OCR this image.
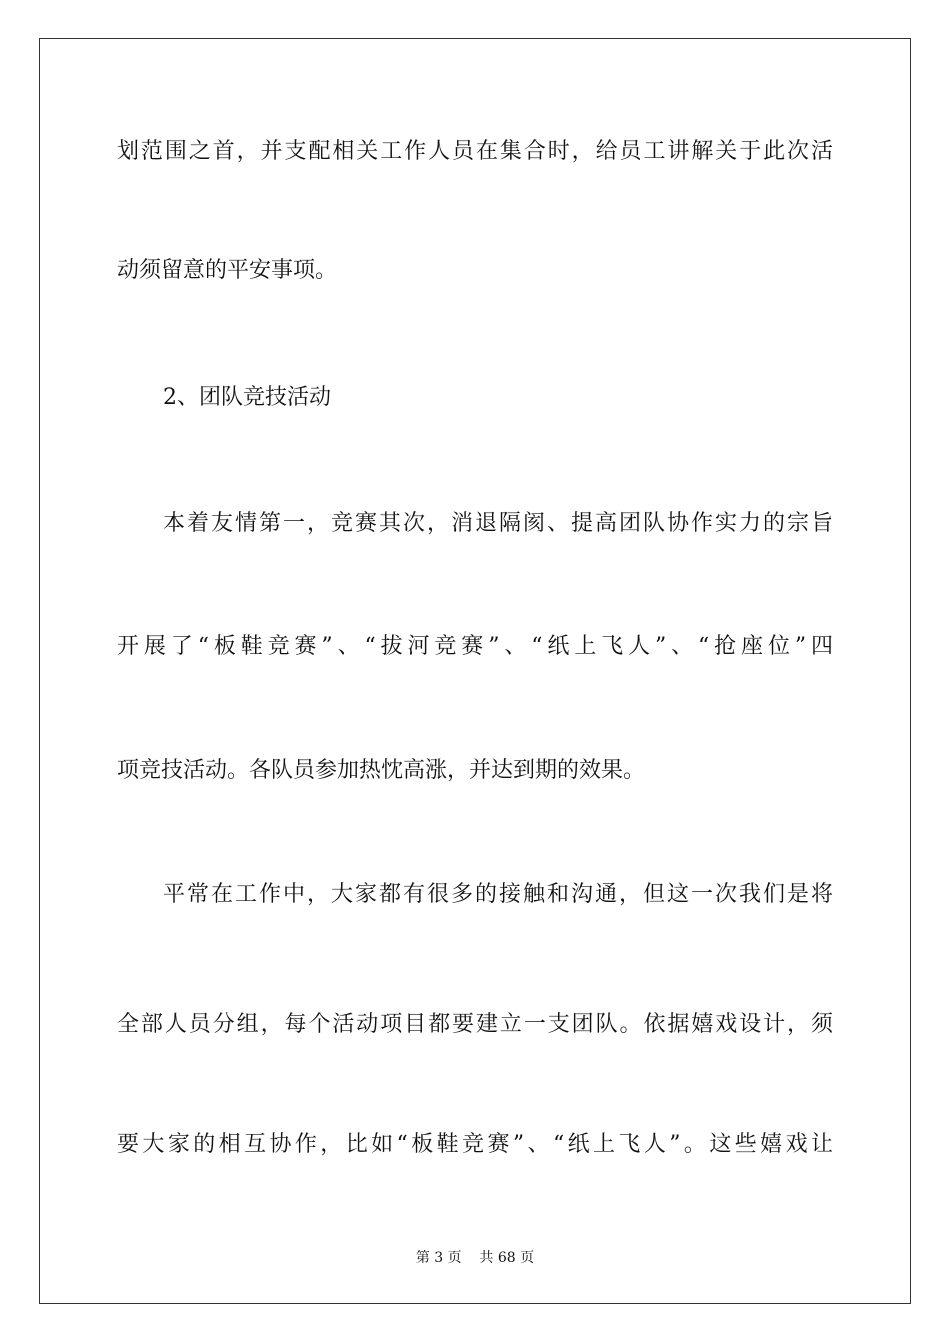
划范围之首，并支配相关工作人员在集合时，给员工讲解关于此次活
动须留意的平安事项。
2、团队竞技活动
本着友情第一，竞赛其次，消退隔阂、提高团队协作实力的宗旨
开展了“板鞋竞赛”、“拔河竞赛”、“纸上飞人”、“抢座位”四
项竞技活动。各队员参加热忱高涨，并达到期的效果。
平常在工作中，大家都有很多的接触和沟通，但这一次我们是将
全部人员分组，每个活动项目都要建立一支团队。依据嬉戏设计，须
要大家的相互协作，比如“板鞋竞赛”、“纸上飞人”。这些嬉戏让
第 3 页    共 68 页
